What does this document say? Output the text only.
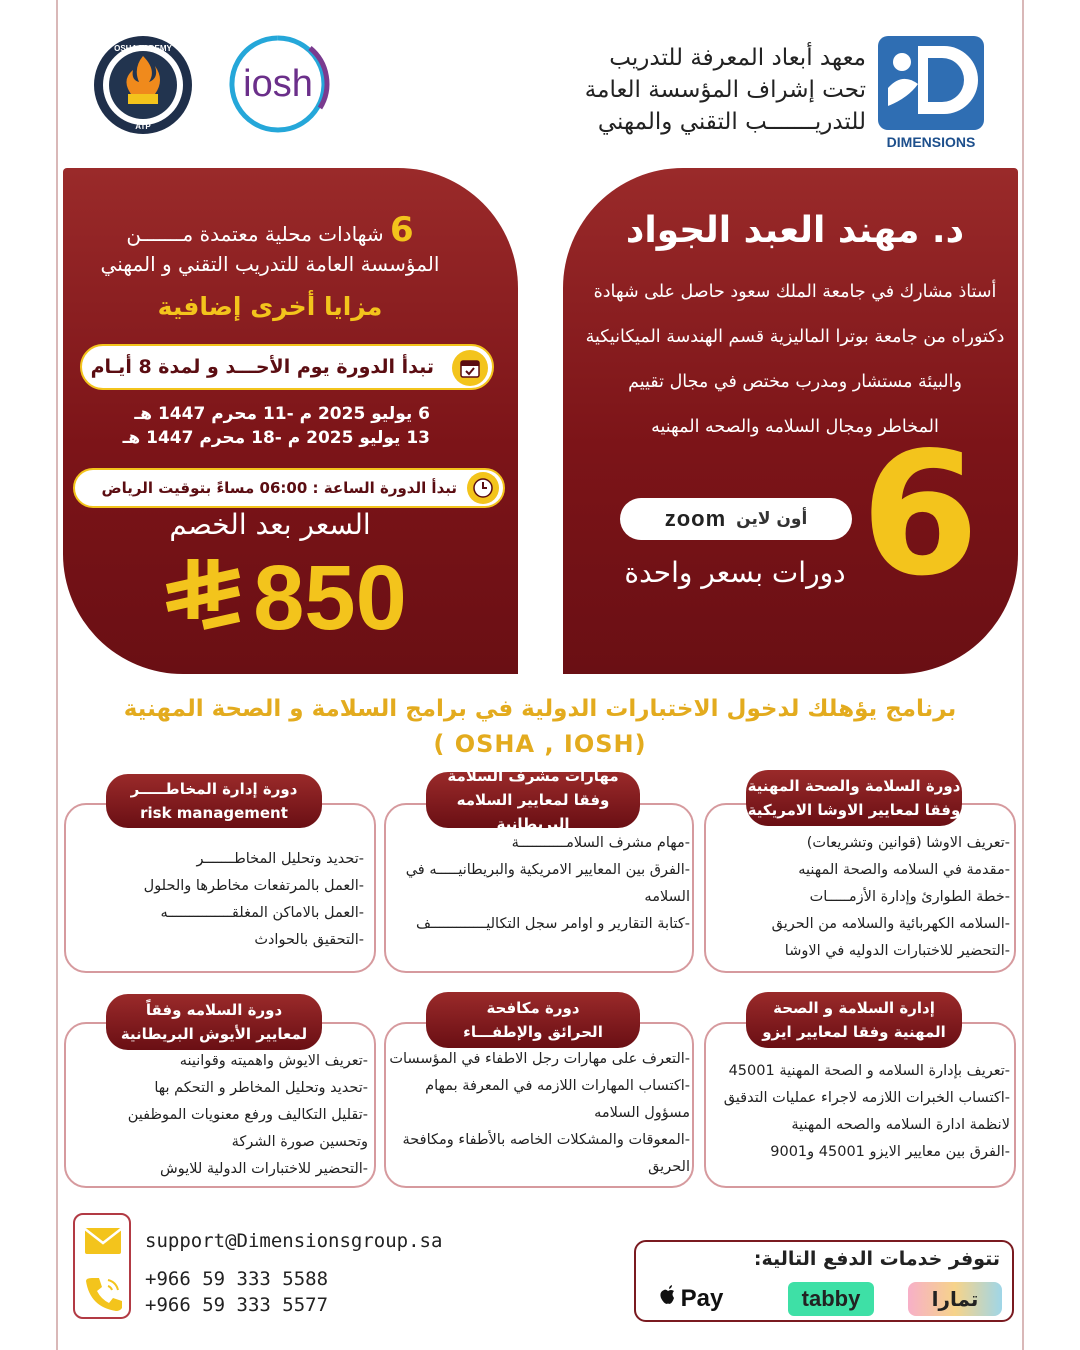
DIMENSIONS
معهد أبعاد المعرفة للتدريب
تحت إشراف المؤسسة العامة
للتدريـــــــب التقني والمهني
iosh
OSHACADEMY
ATP
د. مهند العبد الجواد
أستاذ مشارك في جامعة الملك سعود حاصل على شهادة
دكتوراه من جامعة بوترا الماليزية قسم الهندسة الميكانيكية
والبيئة مستشار ومدرب مختص في مجال تقييم
المخاطر ومجال السلامه والصحه المهنيه
6
أون لاين
zoom
دورات بسعر واحدة
6 شهادات محلية معتمدة مـــــــن
المؤسسة العامة للتدريب التقني و المهني
مزايا أخرى إضافية
تبدأ الدورة يوم الأحـــد و لمدة 8 أيـام
6 يوليو 2025 م -11 محرم 1447 هـ
13 يوليو 2025 م -18 محرم 1447 هـ
تبدأ الدورة الساعة : 06:00 مساءً بتوقيت الرياض
السعر بعد الخصم
850
برنامج يؤهلك لدخول الاختبارات الدولية في برامج السلامة و الصحة المهنية
(OSHA , IOSH )
دورة السلامة والصحة المهنية
وفقا لمعايير الاوشا الامريكية
-تعريف الاوشا (قوانين وتشريعات)
-مقدمة في السلامه والصحة المهنيه
-خطة الطوارئ وإدارة الأزمـــــات
-السلامه الكهربائية والسلامه من الحريق
-التحضير للاختبارات الدوليه في الاوشا
مهارات مشرف السلامة
وفقا لمعايير السلامه البريطانية
-مهام مشرف السلامـــــــــــة
-الفرق بين المعايير الامريكية والبريطانيـــــه في
السلامه
-كتابة التقارير و اوامر سجل التكاليـــــــــــــف
دورة إدارة المخاطـــــر
risk management
-تحديد وتحليل المخاطـــــــر
-العمل بالمرتفعات مخاطرها والحلول
-العمل بالاماكن المغلقـــــــــــــــه
-التحقيق بالحوادث
إدارة السلامة و الصحة
المهنية وفقا لمعايير ايزو
-تعريف بإدارة السلامه و الصحة المهنية 45001
-اكتساب الخبرات اللازمه لاجراء عمليات التدقيق
لانظمة ادارة السلامه والصحه المهنية
-الفرق بين معايير الايزو 45001 و9001
دورة مكافحة
الحرائق والإطفـــاء
-التعرف على مهارات رجل الاطفاء في المؤسسات
-اكتساب المهارات اللازمه في المعرفة بمهام
مسؤول السلامه
-المعوقات والمشكلات الخاصه بالأطفاء ومكافحة
الحريق
دورة السلامه وفقاً
لمعايير الأيوش البريطانية
-تعريف الايوش واهميته وقوانينه
-تحديد وتحليل المخاطر و التحكم بها
-تقليل التكاليف ورفع معنويات الموظفين
وتحسين صورة الشركة
-التحضير للاختبارات الدولية للايوش
support@Dimensionsgroup.sa
+966 59 333 5588
+966 59 333 5577
تتوفر خدمات الدفع التالية:
تمارا
tabby
Pay
